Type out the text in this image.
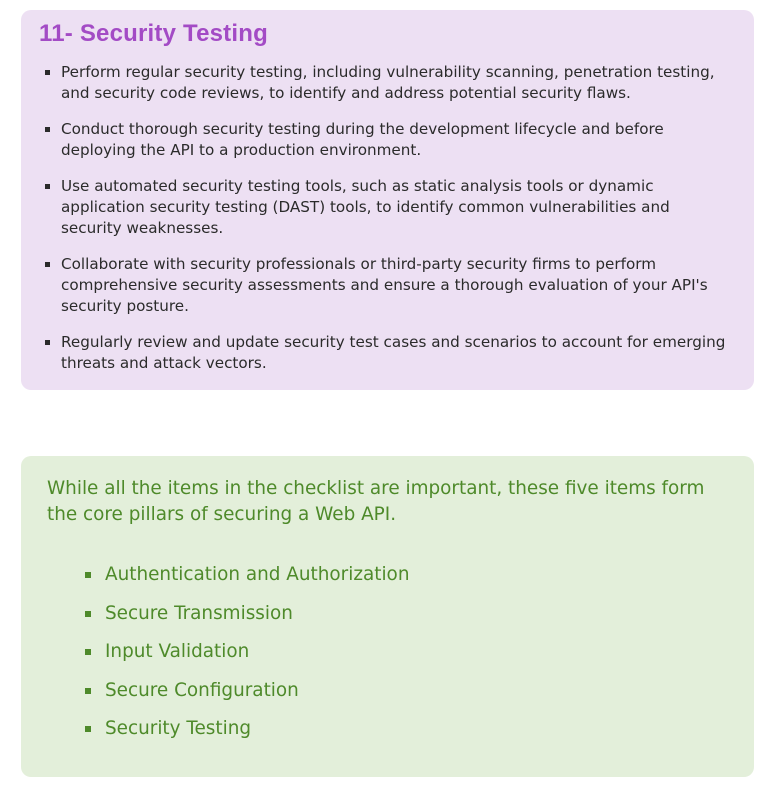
11- Security Testing
Perform regular security testing, including vulnerability scanning, penetration testing, and security code reviews, to identify and address potential security flaws.
Conduct thorough security testing during the development lifecycle and before deploying the API to a production environment.
Use automated security testing tools, such as static analysis tools or dynamic application security testing (DAST) tools, to identify common vulnerabilities and security weaknesses.
Collaborate with security professionals or third-party security firms to perform comprehensive security assessments and ensure a thorough evaluation of your API's security posture.
Regularly review and update security test cases and scenarios to account for emerging threats and attack vectors.

While all the items in the checklist are important, these five items form the core pillars of securing a Web API.

Authentication and Authorization
Secure Transmission
Input Validation
Secure Configuration
Security Testing
